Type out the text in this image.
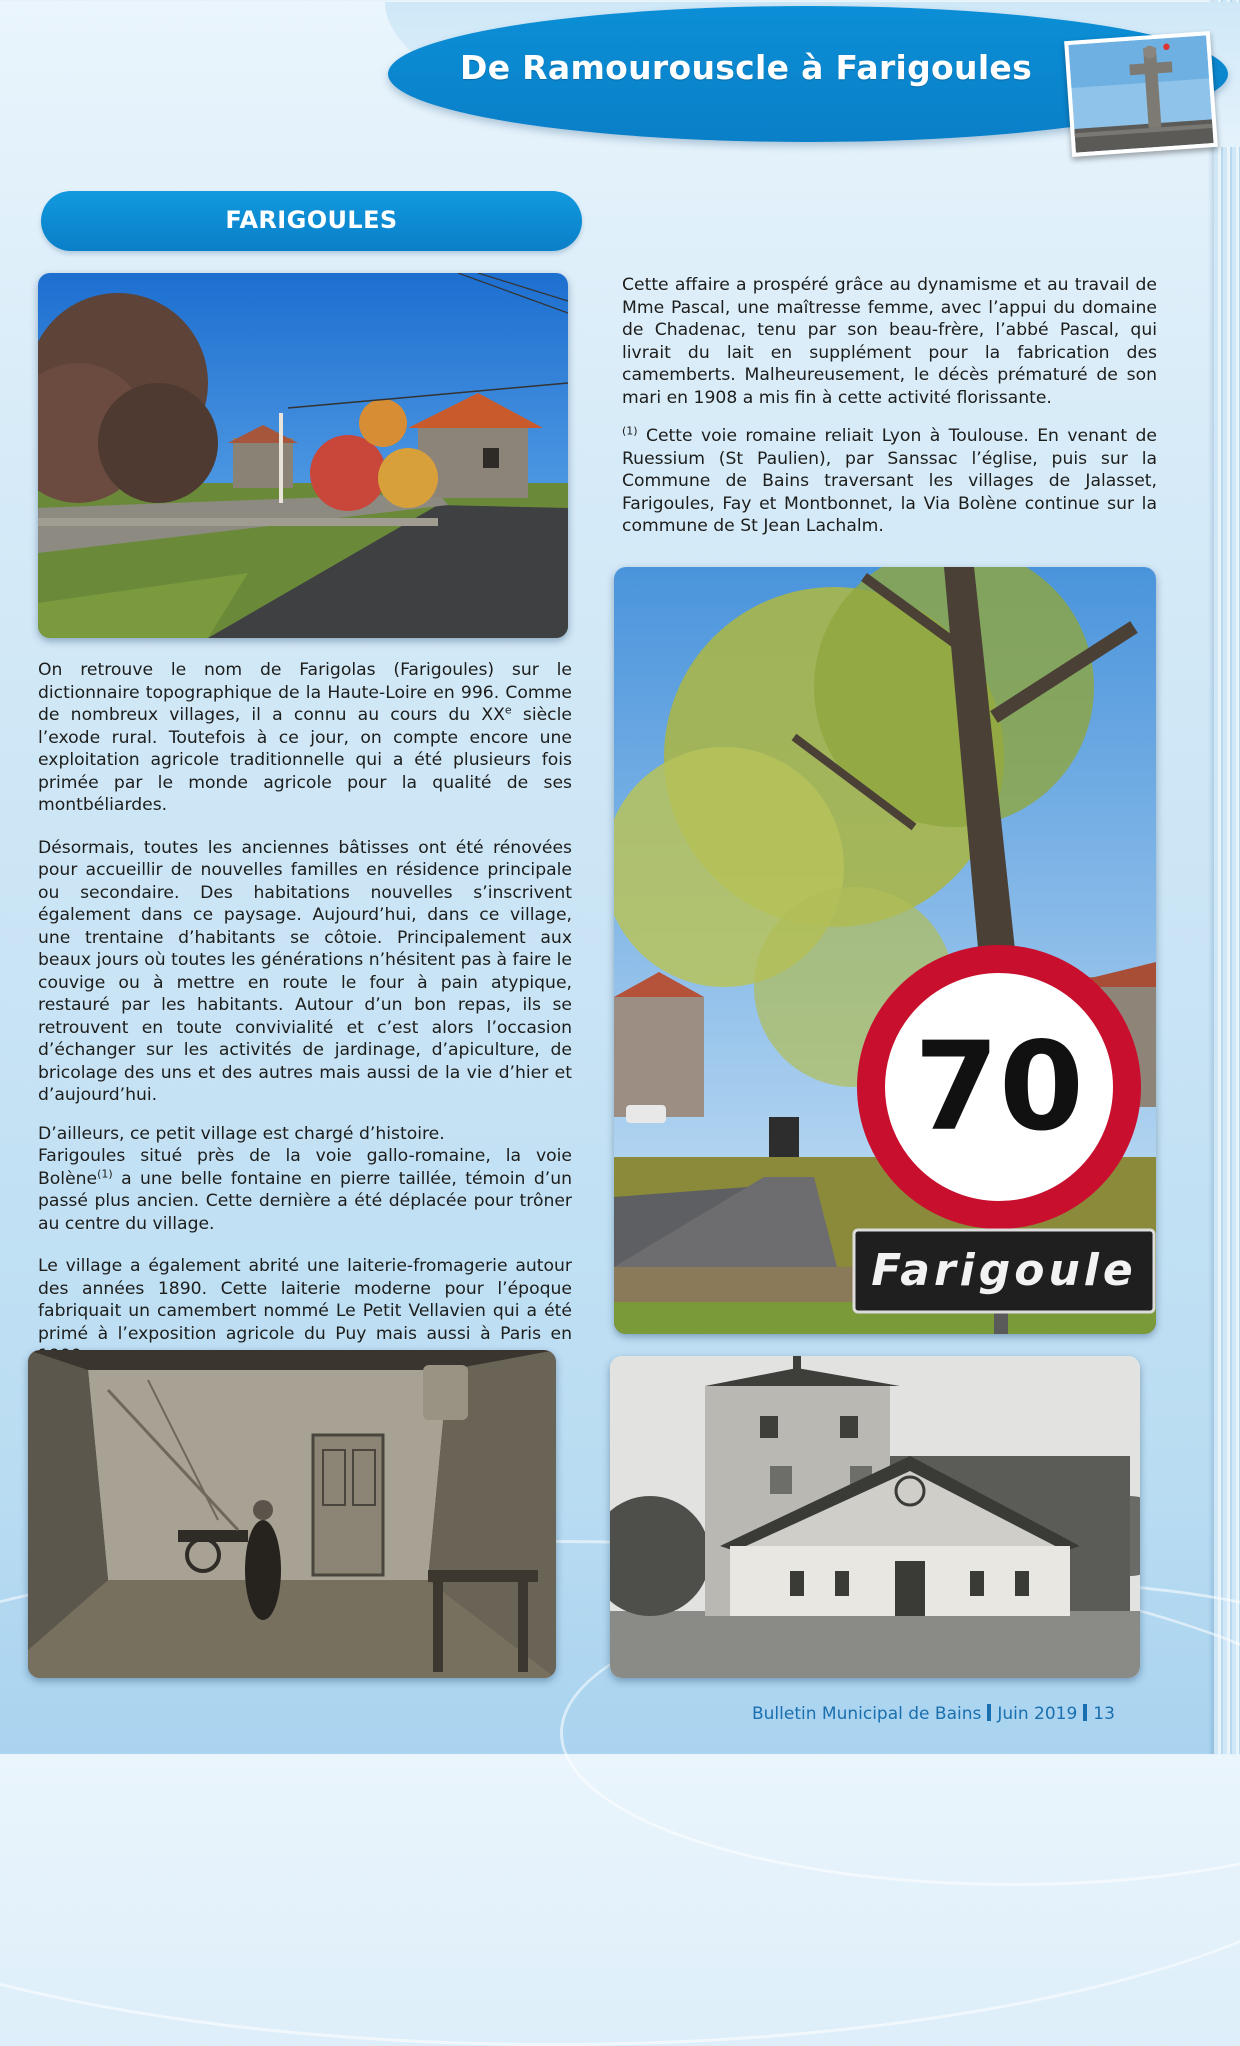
De Ramourouscle à Farigoules
FARIGOULES

Cette affaire a prospéré grâce au dynamisme et au travail de Mme Pascal, une maîtresse femme, avec l’appui du domaine de Chadenac, tenu par son beau-frère, l’abbé Pascal, qui livrait du lait en supplément pour la fabrication des camemberts. Malheureusement, le décès prématuré de son mari en 1908 a mis fin à cette activité florissante.

$^{(1)}$ Cette voie romaine reliait Lyon à Toulouse. En venant de Ruessium (St Paulien), par Sanssac l’église, puis sur la Commune de Bains traversant les villages de Jalasset, Farigoules, Fay et Montbonnet, la Via Bolène continue sur la commune de St Jean Lachalm.

70
Farigoule

On retrouve le nom de Farigolas (Farigoules) sur le dictionnaire topographique de la Haute-Loire en 996. Comme de nombreux villages, il a connu au cours du XXe siècle l’exode rural. Toutefois à ce jour, on compte encore une exploitation agricole traditionnelle qui a été plusieurs fois primée par le monde agricole pour la qualité de ses montbéliardes.

Désormais, toutes les anciennes bâtisses ont été rénovées pour accueillir de nouvelles familles en résidence principale ou secondaire. Des habitations nouvelles s’inscrivent également dans ce paysage. Aujourd’hui, dans ce village, une trentaine d’habitants se côtoie. Principalement aux beaux jours où toutes les générations n’hésitent pas à faire le couvige ou à mettre en route le four à pain atypique, restauré par les habitants. Autour d’un bon repas, ils se retrouvent en toute convivialité et c’est alors l’occasion d’échanger sur les activités de jardinage, d’apiculture, de bricolage des uns et des autres mais aussi de la vie d’hier et d’aujourd’hui.

D’ailleurs, ce petit village est chargé d’histoire.

Farigoules situé près de la voie gallo-romaine, la voie Bolène$^{(1)}$ a une belle fontaine en pierre taillée, témoin d’un passé plus ancien. Cette dernière a été déplacée pour trôner au centre du village.

Le village a également abrité une laiterie-fromagerie autour des années 1890. Cette laiterie moderne pour l’époque fabriquait un camembert nommé Le Petit Vellavien qui a été primé à l’exposition agricole du Puy mais aussi à Paris en

Bulletin Municipal de Bains Juin 2019 13
